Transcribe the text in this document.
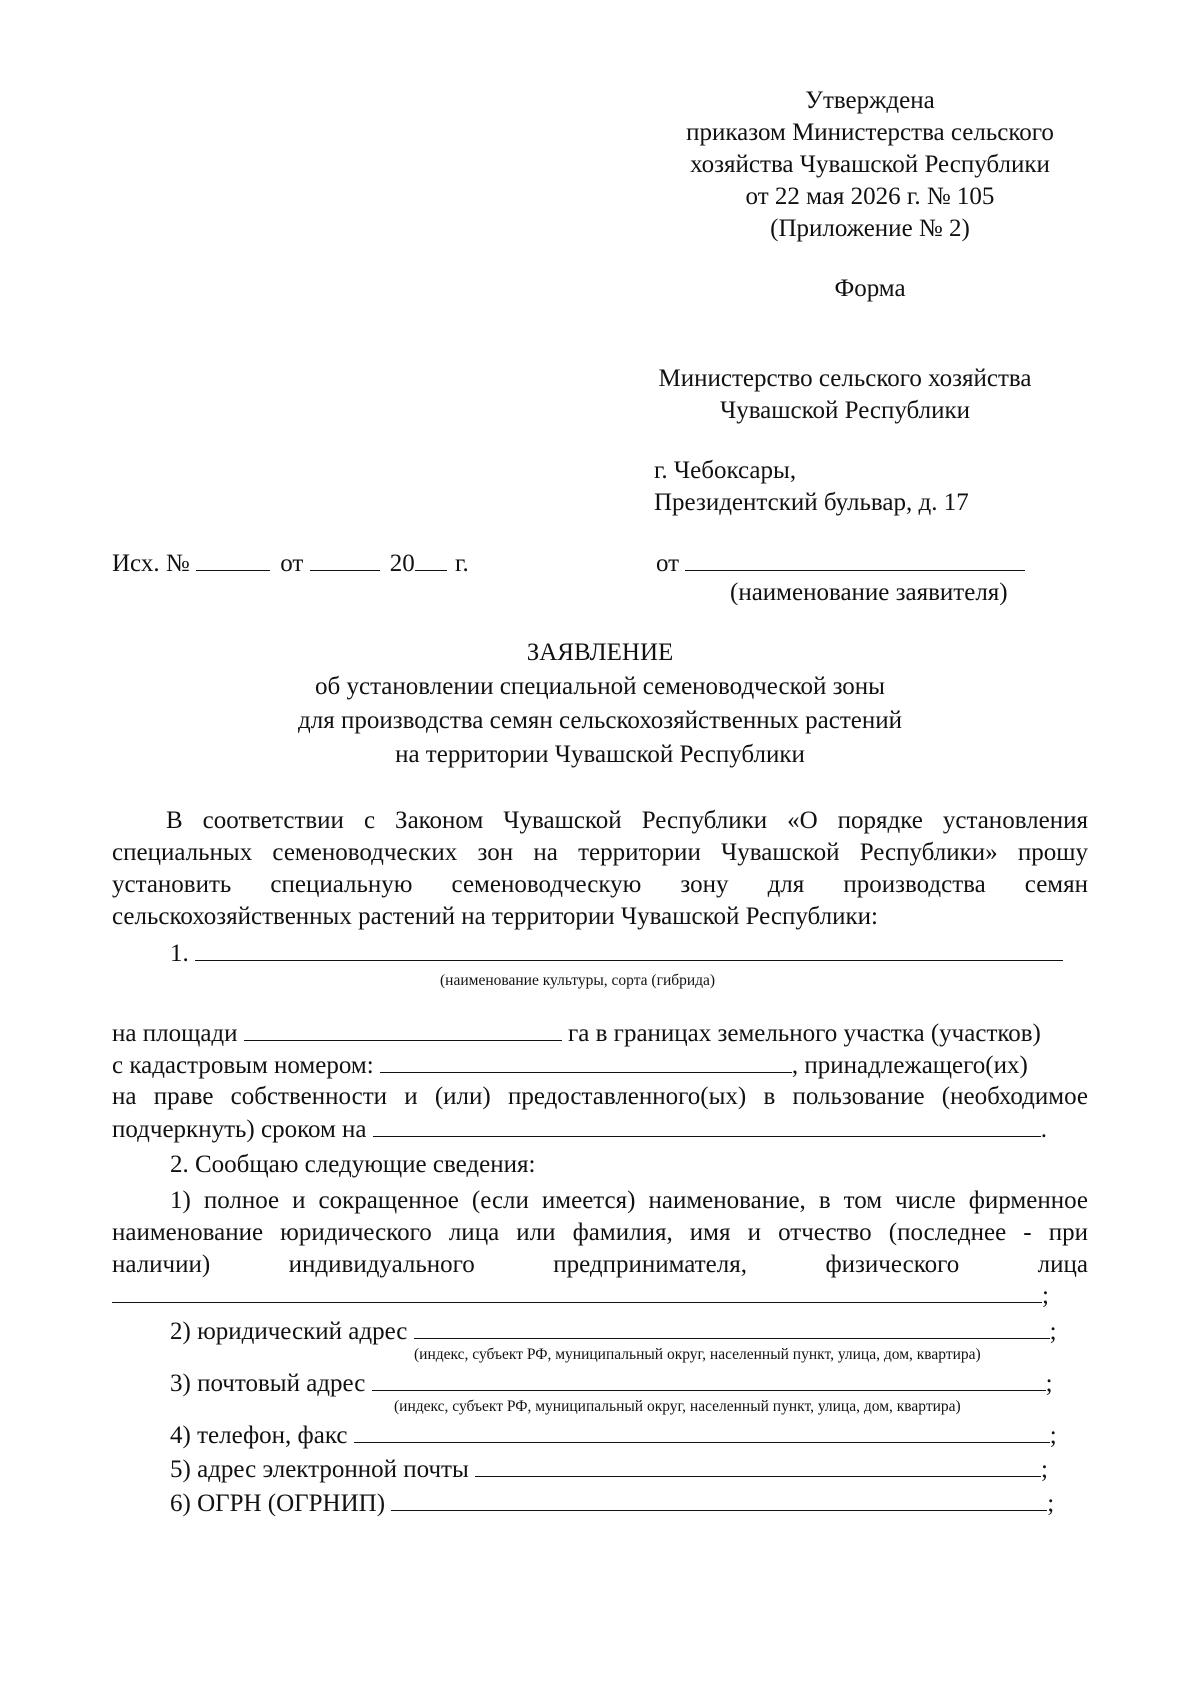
Утверждена
приказом Министерства сельского
хозяйства Чувашской Республики
от 22 мая 2026 г. № 105
(Приложение № 2)
Форма
Министерство сельского хозяйства
Чувашской Республики
г. Чебоксары,
Президентский бульвар, д. 17
Исх. №	от	20 г.	от
(наименование заявителя)
ЗАЯВЛЕНИЕ
об установлении специальной семеноводческой зоны
для производства семян сельскохозяйственных растений
на территории Чувашской Республики
В соответствии с Законом Чувашской Республики «О порядке установления
специальных семеноводческих зон на территории Чувашской Республики» прошу
установить специальную семеноводческую зону для производства семян
сельскохозяйственных растений на территории Чувашской Республики:
1.
(наименование культуры, сорта (гибрида)
на площади	га в границах земельного участка (участков)
с кадастровым номером:	, принадлежащего(их)
на праве собственности и (или) предоставленного(ых) в пользование (необходимое
подчеркнуть) сроком на	.
2. Сообщаю следующие сведения:
1) полное и сокращенное (если имеется) наименование, в том числе фирменное
наименование юридического лица или фамилия, имя и отчество (последнее - при
наличии) индивидуального предпринимателя, физического лица
;
2) юридический адрес	;
(индекс, субъект РФ, муниципальный округ, населенный пункт, улица, дом, квартира)
3) почтовый адрес	;
(индекс, субъект РФ, муниципальный округ, населенный пункт, улица, дом, квартира)
4) телефон, факс	;
5) адрес электронной почты	;
6) ОГРН (ОГРНИП)	;
